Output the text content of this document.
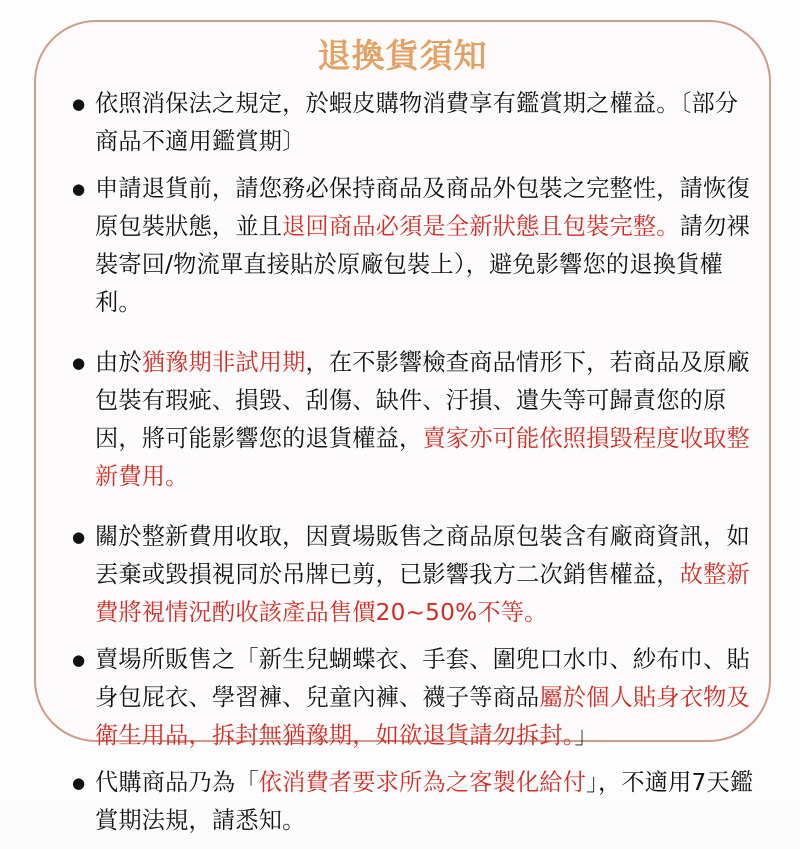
退換貨須知
● 依照消保法之規定，於蝦皮購物消費享有鑑賞期之權益。〔部分商品不適用鑑賞期〕
● 申請退貨前，請您務必保持商品及商品外包裝之完整性，請恢復原包裝狀態，並且退回商品必須是全新狀態且包裝完整。請勿裸裝寄回/物流單直接貼於原廠包裝上），避免影響您的退換貨權利。
● 由於猶豫期非試用期，在不影響檢查商品情形下，若商品及原廠包裝有瑕疵、損毀、刮傷、缺件、汙損、遺失等可歸責您的原因，將可能影響您的退貨權益，賣家亦可能依照損毀程度收取整新費用。
● 關於整新費用收取，因賣場販售之商品原包裝含有廠商資訊，如丟棄或毀損視同於吊牌已剪，已影響我方二次銷售權益，故整新費將視情況酌收該產品售價20~50%不等。
● 賣場所販售之「新生兒蝴蝶衣、手套、圍兜口水巾、紗布巾、貼身包屁衣、學習褲、兒童內褲、襪子等商品屬於個人貼身衣物及衛生用品，拆封無猶豫期，如欲退貨請勿拆封。」
● 代購商品乃為「依消費者要求所為之客製化給付」，不適用7天鑑賞期法規，請悉知。
